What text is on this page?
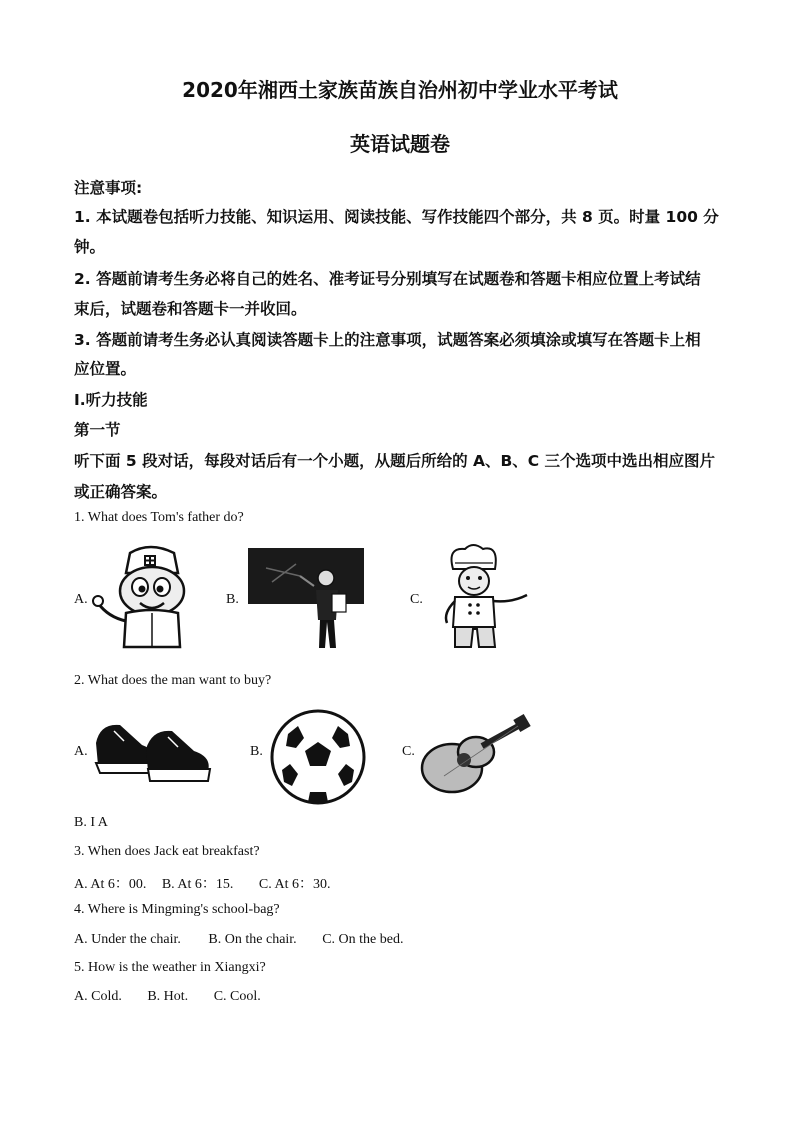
2020年湘西土家族苗族自治州初中学业水平考试
英语试题卷
注意事项:
1. 本试题卷包括听力技能、知识运用、阅读技能、写作技能四个部分，共 8 页。时量 100 分
钟。
2. 答题前请考生务必将自己的姓名、准考证号分别填写在试题卷和答题卡相应位置上考试结
束后，试题卷和答题卡一并收回。
3. 答题前请考生务必认真阅读答题卡上的注意事项，试题答案必须填涂或填写在答题卡上相
应位置。
I.听力技能
第一节
听下面 5 段对话，每段对话后有一个小题，从题后所给的 A、B、C 三个选项中选出相应图片
或正确答案。
1. What does Tom's father do?
A.	B.	C.
2. What does the man want to buy?
A.	B.	C.
B. I A
3. When does Jack eat breakfast?
A. At 6：00. B. At 6：15. C. At 6：30.
4. Where is Mingming's school-bag?
A. Under the chair. B. On the chair. C. On the bed.
5. How is the weather in Xiangxi?
A. Cold. B. Hot. C. Cool.
